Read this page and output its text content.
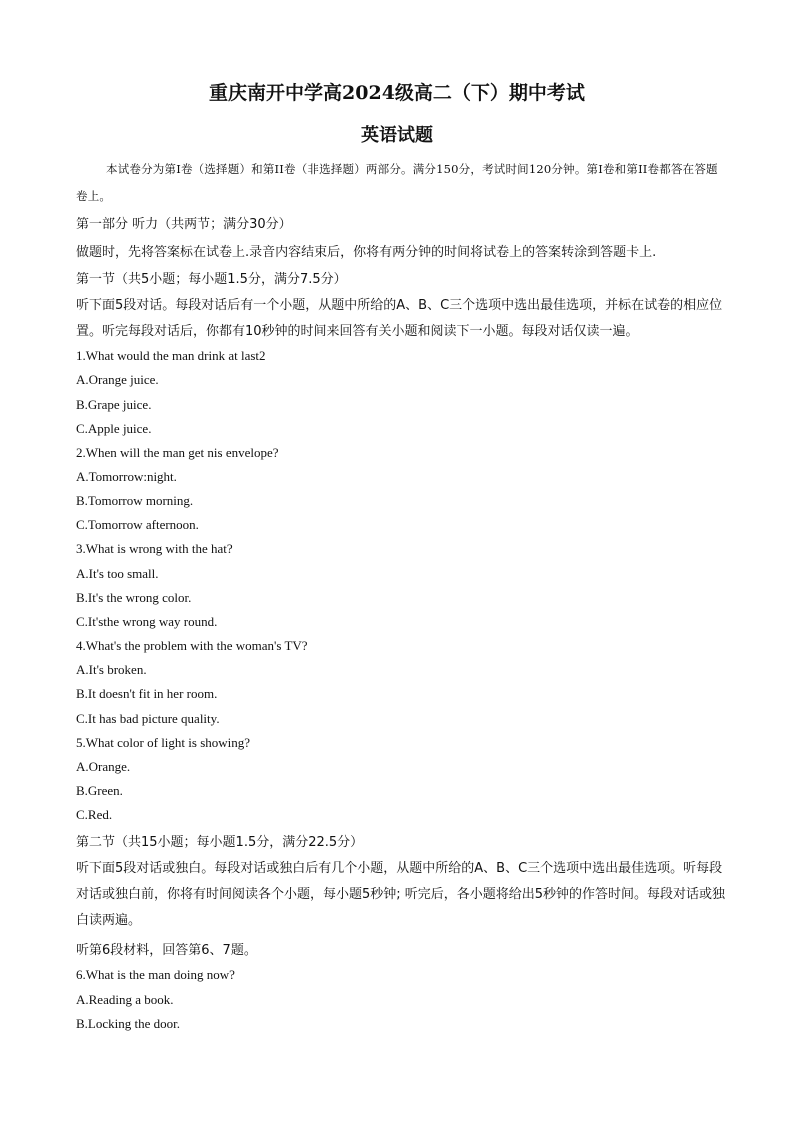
重庆南开中学高2024级高二（下）期中考试
英语试题
本试卷分为第I卷（选择题）和第II卷（非选择题）两部分。满分150分，考试时间120分钟。第I卷和第II卷都答在答题卷上。
第一部分 听力（共两节；满分30分）
做题时，先将答案标在试卷上.录音内容结束后，你将有两分钟的时间将试卷上的答案转涂到答题卡上.
第一节（共5小题；每小题1.5分，满分7.5分）
听下面5段对话。每段对话后有一个小题，从题中所给的A、B、C三个选项中选出最佳选项，并标在试卷的相应位置。听完每段对话后，你都有10秒钟的时间来回答有关小题和阅读下一小题。每段对话仅读一遍。
1.What would the man drink at last2
A.Orange juice.
B.Grape juice.
C.Apple juice.
2.When will the man get nis envelope?
A.Tomorrow:night.
B.Tomorrow morning.
C.Tomorrow afternoon.
3.What is wrong with the hat?
A.It's too small.
B.It's the wrong color.
C.It'sthe wrong way round.
4.What's the problem with the woman's TV?
A.It's broken.
B.It doesn't fit in her room.
C.It has bad picture quality.
5.What color of light is showing?
A.Orange.
B.Green.
C.Red.
第二节（共15小题；每小题1.5分，满分22.5分）
听下面5段对话或独白。每段对话或独白后有几个小题，从题中所给的A、B、C三个选项中选出最佳选项。听每段对话或独白前，你将有时间阅读各个小题，每小题5秒钟; 听完后，各小题将给出5秒钟的作答时间。每段对话或独白读两遍。
听第6段材料，回答第6、7题。
6.What is the man doing now?
A.Reading a book.
B.Locking the door.
